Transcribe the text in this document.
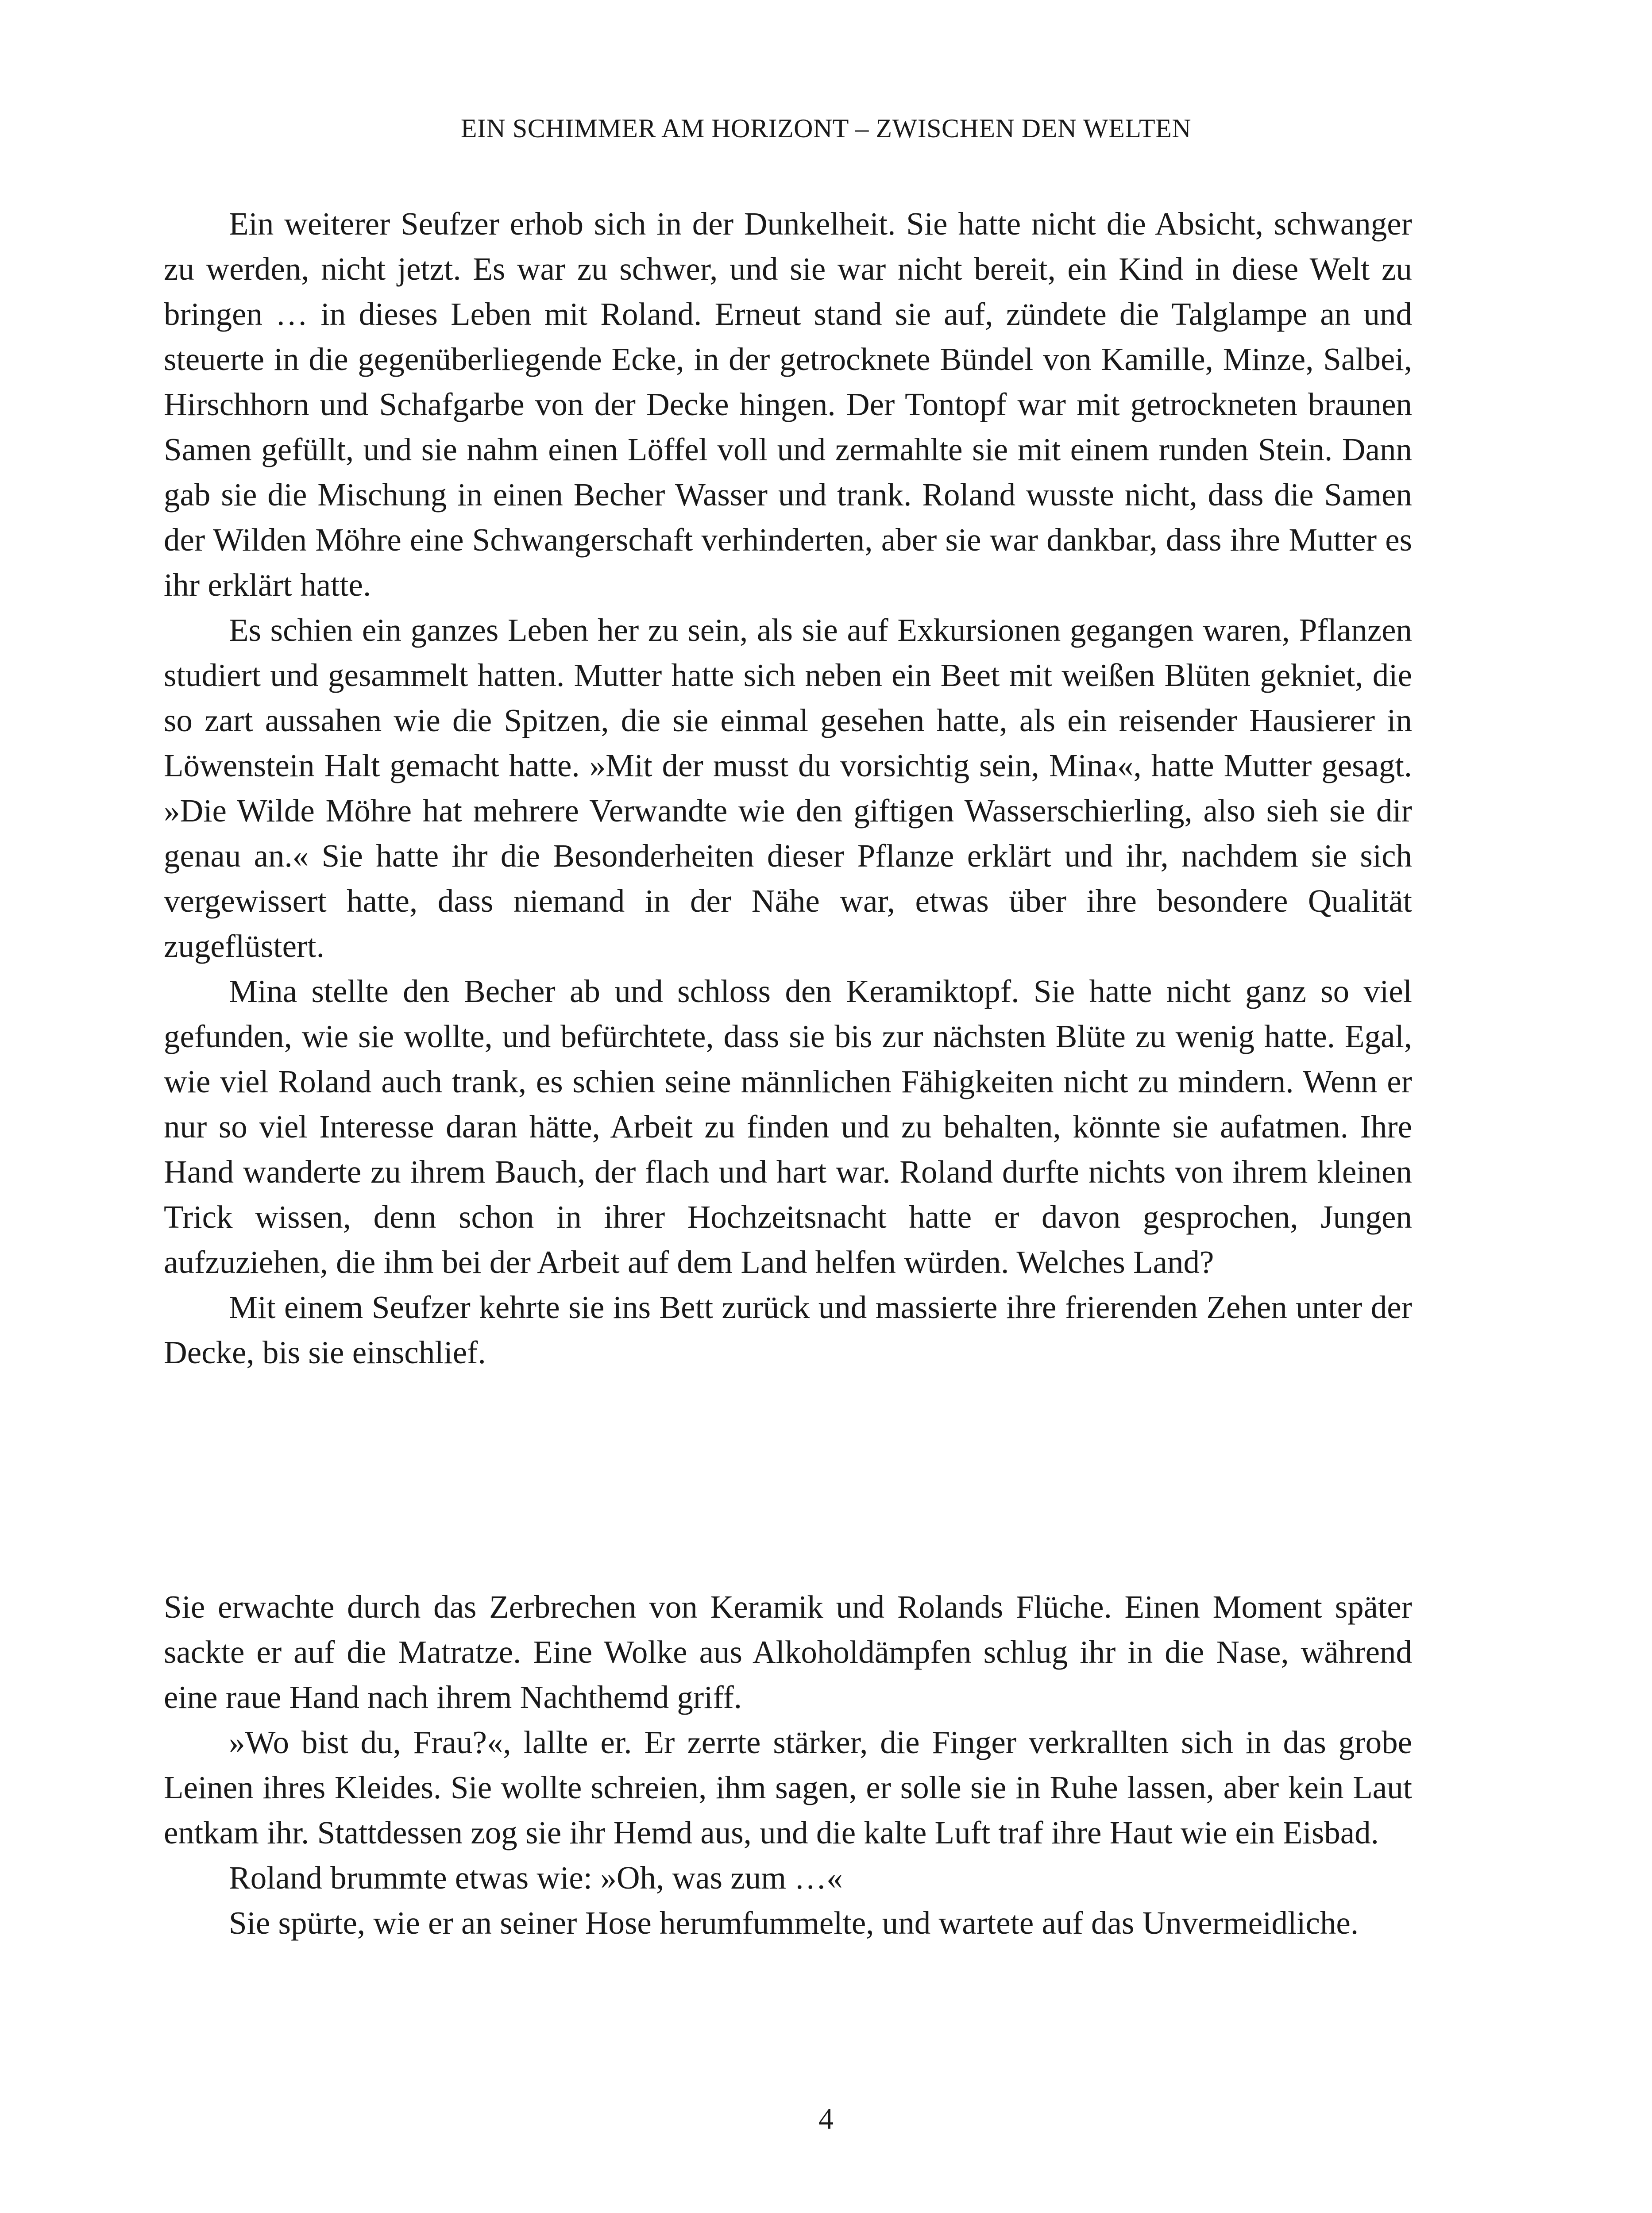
EIN SCHIMMER AM HORIZONT – ZWISCHEN DEN WELTEN

Ein weiterer Seufzer erhob sich in der Dunkelheit. Sie hatte nicht die Absicht, schwanger zu werden, nicht jetzt. Es war zu schwer, und sie war nicht bereit, ein Kind in diese Welt zu bringen … in dieses Leben mit Roland. Erneut stand sie auf, zündete die Talglampe an und steuerte in die gegenüberliegende Ecke, in der getrocknete Bündel von Kamille, Minze, Salbei, Hirschhorn und Schafgarbe von der Decke hingen. Der Tontopf war mit getrockneten braunen Samen gefüllt, und sie nahm einen Löffel voll und zermahlte sie mit einem runden Stein. Dann gab sie die Mischung in einen Becher Wasser und trank. Roland wusste nicht, dass die Samen der Wilden Möhre eine Schwangerschaft verhinderten, aber sie war dankbar, dass ihre Mutter es ihr erklärt hatte.

Es schien ein ganzes Leben her zu sein, als sie auf Exkursionen gegangen waren, Pflanzen studiert und gesammelt hatten. Mutter hatte sich neben ein Beet mit weißen Blüten gekniet, die so zart aussahen wie die Spitzen, die sie einmal gesehen hatte, als ein reisender Hausierer in Löwenstein Halt gemacht hatte. »Mit der musst du vorsichtig sein, Mina«, hatte Mutter gesagt. »Die Wilde Möhre hat mehrere Verwandte wie den giftigen Wasserschierling, also sieh sie dir genau an.« Sie hatte ihr die Besonderheiten dieser Pflanze erklärt und ihr, nachdem sie sich vergewissert hatte, dass niemand in der Nähe war, etwas über ihre besondere Qualität zugeflüstert.

Mina stellte den Becher ab und schloss den Keramiktopf. Sie hatte nicht ganz so viel gefunden, wie sie wollte, und befürchtete, dass sie bis zur nächsten Blüte zu wenig hatte. Egal, wie viel Roland auch trank, es schien seine männlichen Fähigkeiten nicht zu mindern. Wenn er nur so viel Interesse daran hätte, Arbeit zu finden und zu behalten, könnte sie aufatmen. Ihre Hand wanderte zu ihrem Bauch, der flach und hart war. Roland durfte nichts von ihrem kleinen Trick wissen, denn schon in ihrer Hochzeitsnacht hatte er davon gesprochen, Jungen aufzuziehen, die ihm bei der Arbeit auf dem Land helfen würden. Welches Land?

Mit einem Seufzer kehrte sie ins Bett zurück und massierte ihre frierenden Zehen unter der Decke, bis sie einschlief.

Sie erwachte durch das Zerbrechen von Keramik und Rolands Flüche. Einen Moment später sackte er auf die Matratze. Eine Wolke aus Alkoholdämpfen schlug ihr in die Nase, während eine raue Hand nach ihrem Nachthemd griff.

»Wo bist du, Frau?«, lallte er. Er zerrte stärker, die Finger verkrallten sich in das grobe Leinen ihres Kleides. Sie wollte schreien, ihm sagen, er solle sie in Ruhe lassen, aber kein Laut entkam ihr. Stattdessen zog sie ihr Hemd aus, und die kalte Luft traf ihre Haut wie ein Eisbad.

Roland brummte etwas wie: »Oh, was zum …«

Sie spürte, wie er an seiner Hose herumfummelte, und wartete auf das Unvermeidliche.

4
